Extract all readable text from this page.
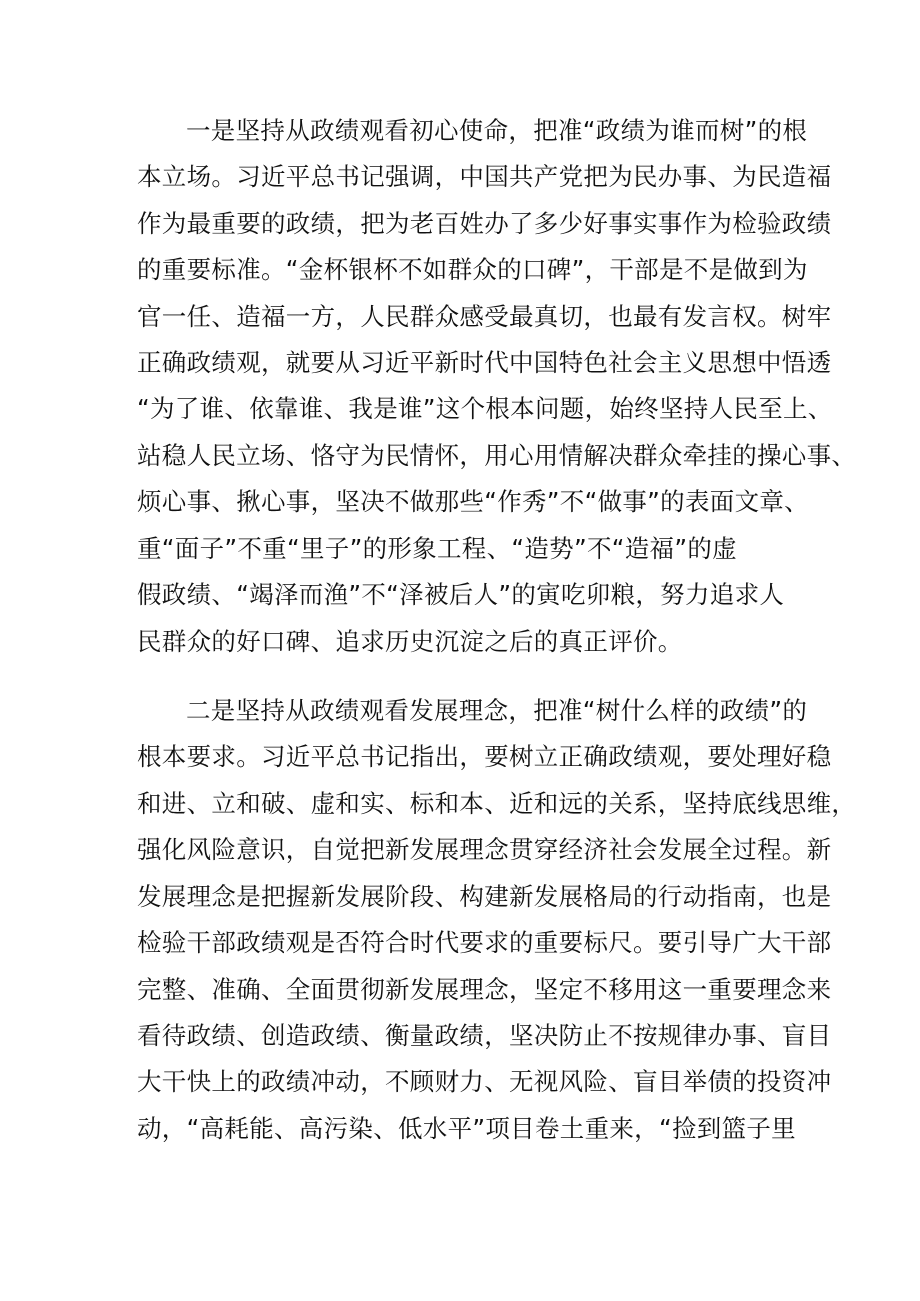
一是坚持从政绩观看初心使命，把准“政绩为谁而树”的根
本立场。习近平总书记强调，中国共产党把为民办事、为民造福
作为最重要的政绩，把为老百姓办了多少好事实事作为检验政绩
的重要标准。“金杯银杯不如群众的口碑”，干部是不是做到为
官一任、造福一方，人民群众感受最真切，也最有发言权。树牢
正确政绩观，就要从习近平新时代中国特色社会主义思想中悟透
“为了谁、依靠谁、我是谁”这个根本问题，始终坚持人民至上、
站稳人民立场、恪守为民情怀，用心用情解决群众牵挂的操心事、
烦心事、揪心事，坚决不做那些“作秀”不“做事”的表面文章、
重“面子”不重“里子”的形象工程、“造势”不“造福”的虚
假政绩、“竭泽而渔”不“泽被后人”的寅吃卯粮，努力追求人
民群众的好口碑、追求历史沉淀之后的真正评价。
二是坚持从政绩观看发展理念，把准“树什么样的政绩”的
根本要求。习近平总书记指出，要树立正确政绩观，要处理好稳
和进、立和破、虚和实、标和本、近和远的关系，坚持底线思维，
强化风险意识，自觉把新发展理念贯穿经济社会发展全过程。新
发展理念是把握新发展阶段、构建新发展格局的行动指南，也是
检验干部政绩观是否符合时代要求的重要标尺。要引导广大干部
完整、准确、全面贯彻新发展理念，坚定不移用这一重要理念来
看待政绩、创造政绩、衡量政绩，坚决防止不按规律办事、盲目
大干快上的政绩冲动，不顾财力、无视风险、盲目举债的投资冲
动，“高耗能、高污染、低水平”项目卷土重来，“捡到篮子里
